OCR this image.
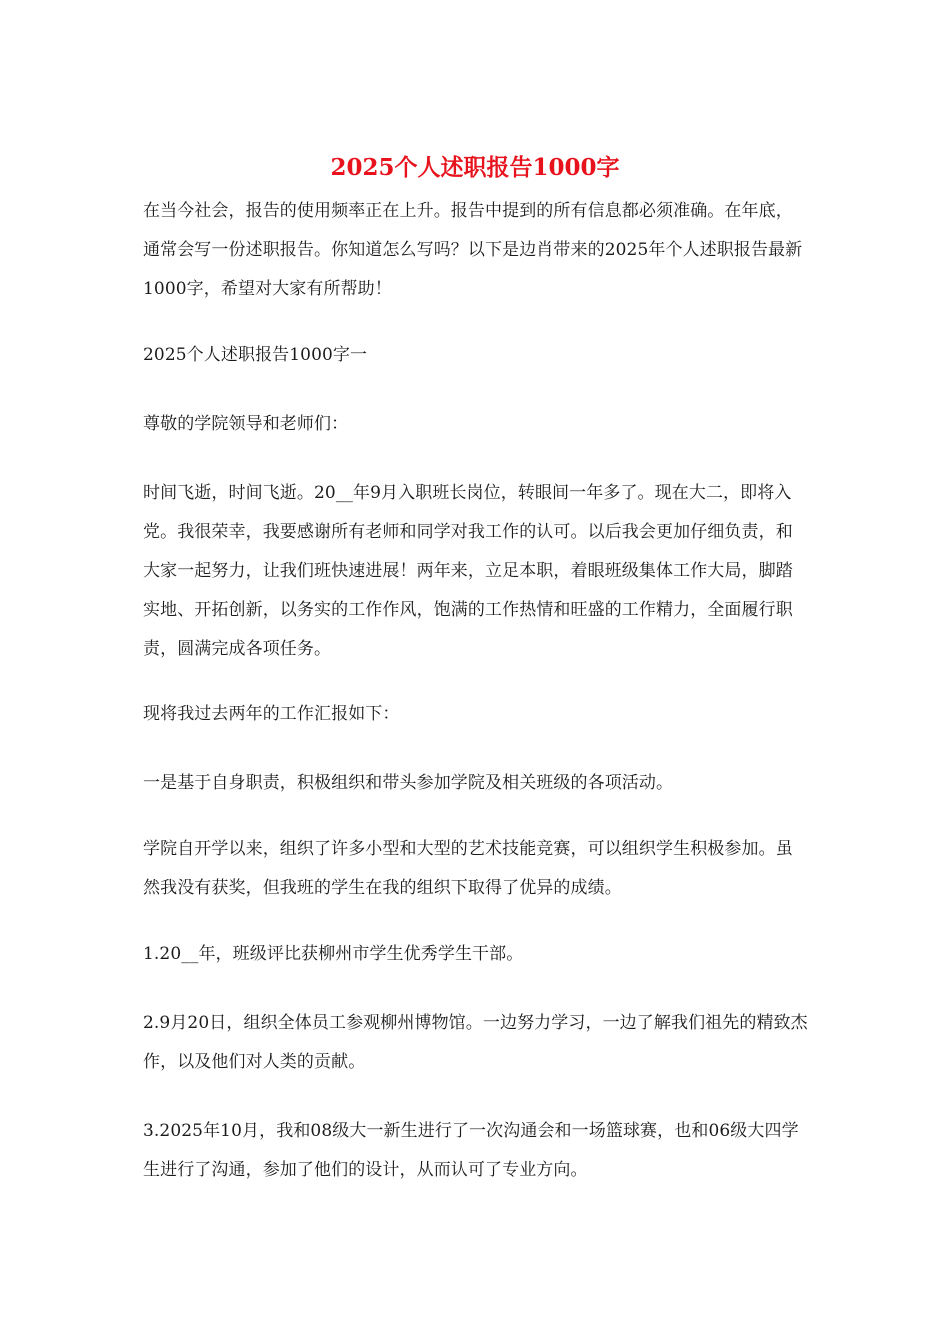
2025个人述职报告1000字

在当今社会，报告的使用频率正在上升。报告中提到的所有信息都必须准确。在年底，通常会写一份述职报告。你知道怎么写吗？以下是边肖带来的2025年个人述职报告最新1000字，希望对大家有所帮助！

2025个人述职报告1000字一

尊敬的学院领导和老师们：

时间飞逝，时间飞逝。20__年9月入职班长岗位，转眼间一年多了。现在大二，即将入党。我很荣幸，我要感谢所有老师和同学对我工作的认可。以后我会更加仔细负责，和大家一起努力，让我们班快速进展！两年来，立足本职，着眼班级集体工作大局，脚踏实地、开拓创新，以务实的工作作风，饱满的工作热情和旺盛的工作精力，全面履行职责，圆满完成各项任务。

现将我过去两年的工作汇报如下：

一是基于自身职责，积极组织和带头参加学院及相关班级的各项活动。

学院自开学以来，组织了许多小型和大型的艺术技能竞赛，可以组织学生积极参加。虽然我没有获奖，但我班的学生在我的组织下取得了优异的成绩。

1.20__年，班级评比获柳州市学生优秀学生干部。

2.9月20日，组织全体员工参观柳州博物馆。一边努力学习，一边了解我们祖先的精致杰作，以及他们对人类的贡献。

3.2025年10月，我和08级大一新生进行了一次沟通会和一场篮球赛，也和06级大四学生进行了沟通，参加了他们的设计，从而认可了专业方向。
